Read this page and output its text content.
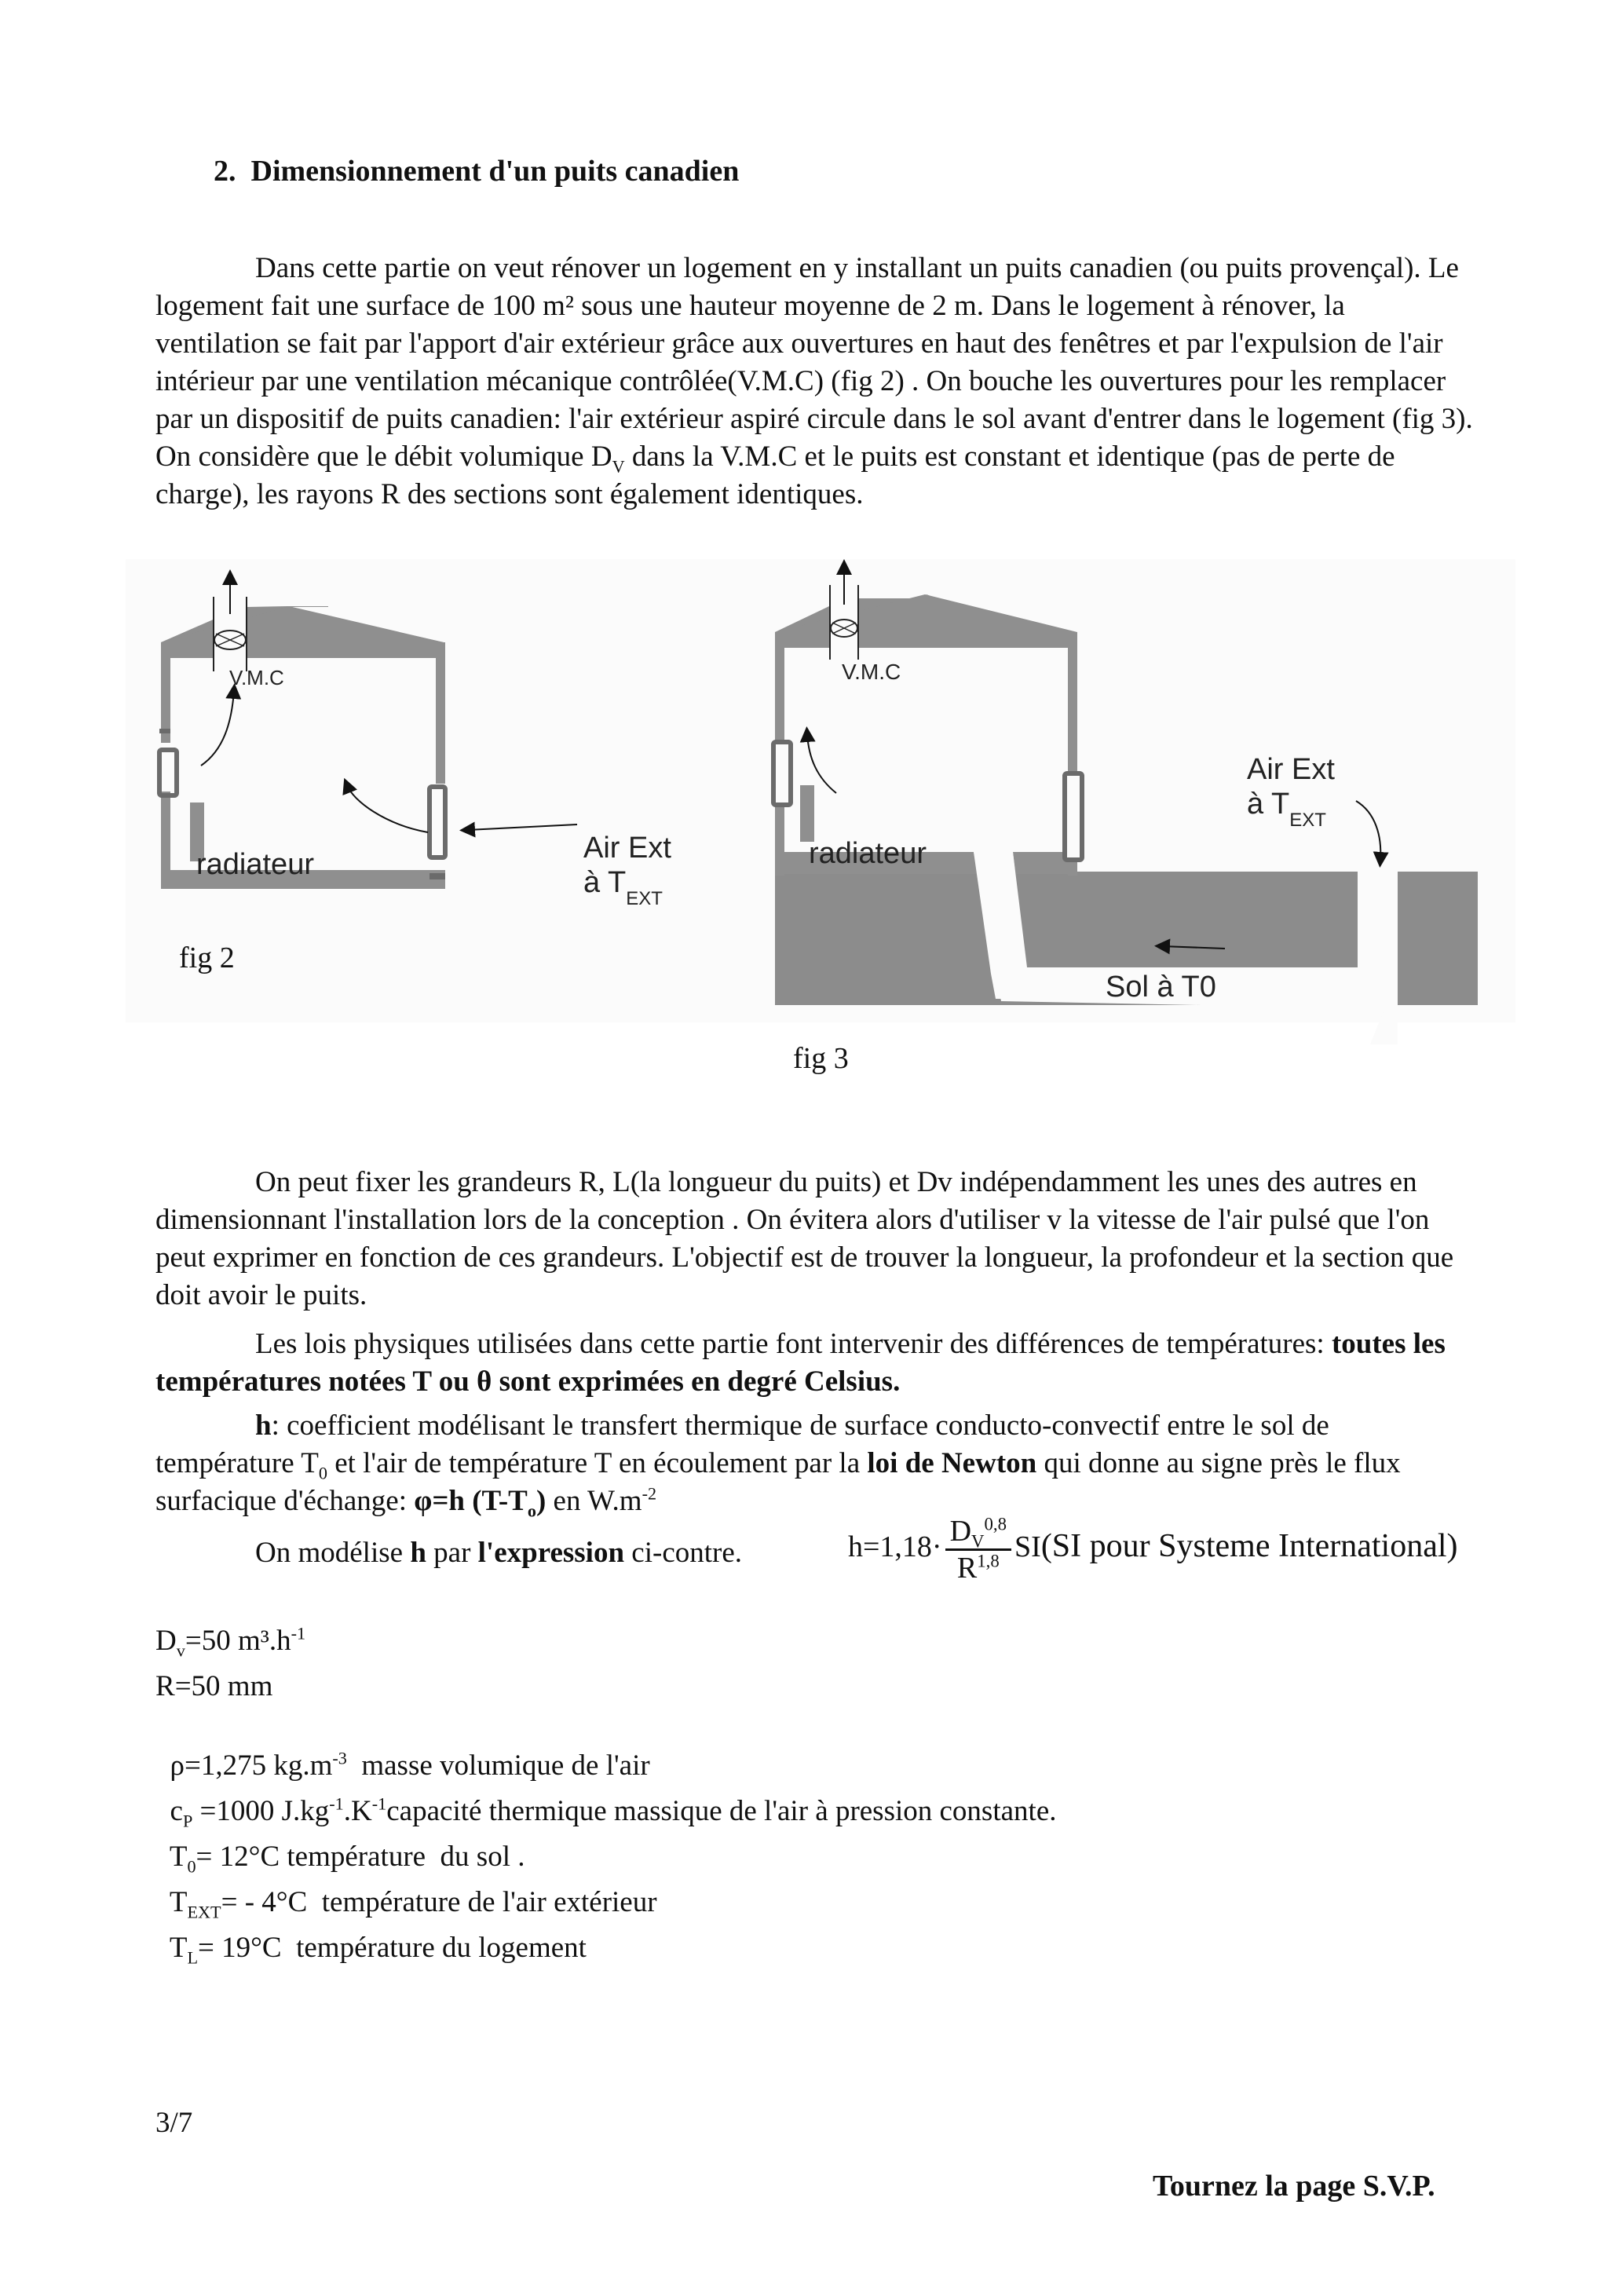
2. Dimensionnement d'un puits canadien
Dans cette partie on veut rénover un logement en y installant un puits canadien (ou puits provençal). Le logement fait une surface de 100 m² sous une hauteur moyenne de 2 m. Dans le logement à rénover, la ventilation se fait par l'apport d'air extérieur grâce aux ouvertures en haut des fenêtres et par l'expulsion de l'air intérieur par une ventilation mécanique contrôlée(V.M.C) (fig 2) . On bouche les ouvertures pour les remplacer par un dispositif de puits canadien: l'air extérieur aspiré circule dans le sol avant d'entrer dans le logement (fig 3). On considère que le débit volumique $D_V$ dans la V.M.C et le puits est constant et identique (pas de perte de charge), les rayons R des sections sont également identiques.
V.M.C
radiateur	Air Ext
à $T_{EXT}$
fig 2
V.M.C
radiateur
Air Ext
à $T_{EXT}$
Sol à T0
fig 3
On peut fixer les grandeurs R, L(la longueur du puits) et Dv indépendamment les unes des autres en dimensionnant l'installation lors de la conception . On évitera alors d'utiliser v la vitesse de l'air pulsé que l'on peut exprimer en fonction de ces grandeurs. L'objectif est de trouver la longueur, la profondeur et la section que doit avoir le puits.
Les lois physiques utilisées dans cette partie font intervenir des différences de températures: toutes les températures notées T ou θ sont exprimées en degré Celsius.
h: coefficient modélisant le transfert thermique de surface conducto-convectif entre le sol de température $T_0$ et l'air de température T en écoulement par la loi de Newton qui donne au signe près le flux surfacique d'échange: φ=h $(T-T_o)$ en $W.m^{-2}$
On modélise h par l'expression ci-contre.	$h=1,18\cdot \frac{D_V^{0,8}}{R^{1,8}} SI(SI$ pour Systeme International)
$D_v=50$ $m^3.h^{-1}$
R=50 mm

ρ=1,275 $kg.m^{-3}$  masse volumique de l'air

$c_P =1000$ $J.kg^{-1}.K^{-1}capacité$ thermique massique de l'air à pression constante.

$T_0= 12^\circ C$ température  du sol .

$T_{EXT}= - 4^\circ C$  température de l'air extérieur

$T_L= 19^\circ C$  température du logement

3/7
Tournez la page S.V.P.
